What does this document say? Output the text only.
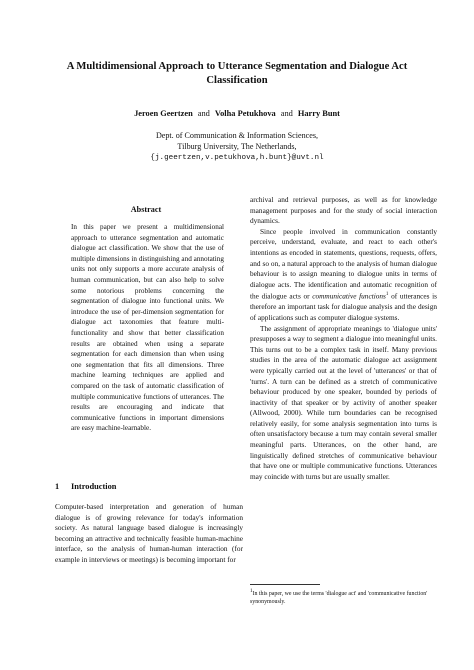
A Multidimensional Approach to Utterance Segmentation and Dialogue Act Classification
Jeroen Geertzen and Volha Petukhova and Harry Bunt
Dept. of Communication & Information Sciences,
Tilburg University, The Netherlands,
{j.geertzen,v.petukhova,h.bunt}@uvt.nl
Abstract

In this paper we present a multidimensional approach to utterance segmentation and automatic dialogue act classification. We show that the use of multiple dimensions in distinguishing and annotating units not only supports a more accurate analysis of human communication, but can also help to solve some notorious problems concerning the segmentation of dialogue into functional units. We introduce the use of per-dimension segmentation for dialogue act taxonomies that feature multi-functionality and show that better classification results are obtained when using a separate segmentation for each dimension than when using one segmentation that fits all dimensions. Three machine learning techniques are applied and compared on the task of automatic classification of multiple communicative functions of utterances. The results are encouraging and indicate that communicative functions in important dimensions are easy machine-learnable.

1 Introduction

Computer-based interpretation and generation of human dialogue is of growing relevance for today's information society. As natural language based dialogue is increasingly becoming an attractive and technically feasible human-machine interface, so the analysis of human-human interaction (for example in interviews or meetings) is becoming important for

archival and retrieval purposes, as well as for knowledge management purposes and for the study of social interaction dynamics.

Since people involved in communication constantly perceive, understand, evaluate, and react to each other's intentions as encoded in statements, questions, requests, offers, and so on, a natural approach to the analysis of human dialogue behaviour is to assign meaning to dialogue units in terms of dialogue acts. The identification and automatic recognition of the dialogue acts or communicative functions$^1$ of utterances is therefore an important task for dialogue analysis and the design of applications such as computer dialogue systems.

The assignment of appropriate meanings to 'dialogue units' presupposes a way to segment a dialogue into meaningful units. This turns out to be a complex task in itself. Many previous studies in the area of the automatic dialogue act assignment were typically carried out at the level of 'utterances' or that of 'turns'. A turn can be defined as a stretch of communicative behaviour produced by one speaker, bounded by periods of inactivity of that speaker or by activity of another speaker (Allwood, 2000). While turn boundaries can be recognised relatively easily, for some analysis segmentation into turns is often unsatisfactory because a turn may contain several smaller meaningful parts. Utterances, on the other hand, are linguistically defined stretches of communicative behaviour that have one or multiple communicative functions. Utterances may coincide with turns but are usually smaller.

$^1$In this paper, we use the terms 'dialogue act' and 'communicative function' synonymously.
